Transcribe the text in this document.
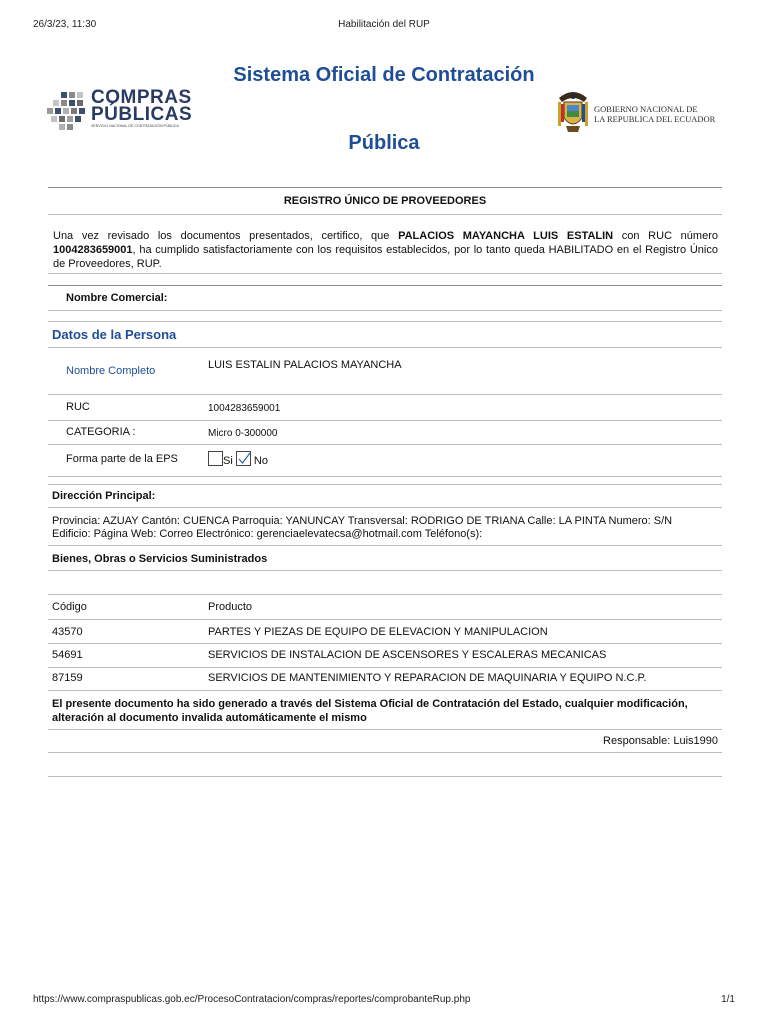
26/3/23, 11:30	Habilitación del RUP
COMPRAS
PÚBLICAS
SERVICIO NACIONAL DE CONTRATACIÓN PÚBLICA
Sistema Oficial de Contratación
Pública
GOBIERNO NACIONAL DE
LA REPUBLICA DEL ECUADOR
REGISTRO ÚNICO DE PROVEEDORES
Una vez revisado los documentos presentados, certifico, que PALACIOS MAYANCHA LUIS ESTALIN con RUC número 1004283659001, ha cumplido satisfactoriamente con los requisitos establecidos, por lo tanto queda HABILITADO en el Registro Único de Proveedores, RUP.
Nombre Comercial:
Datos de la Persona
Nombre Completo	LUIS ESTALIN PALACIOS MAYANCHA
RUC	1004283659001
CATEGORIA :	Micro 0-300000
Forma parte de la EPS	Si No
Dirección Principal:
Provincia: AZUAY Cantón: CUENCA Parroquia: YANUNCAY Transversal: RODRIGO DE TRIANA Calle: LA PINTA Numero: S/N
Edificio: Página Web: Correo Electrónico: gerenciaelevatecsa@hotmail.com Teléfono(s):
Bienes, Obras o Servicios Suministrados
Código	Producto
43570	PARTES Y PIEZAS DE EQUIPO DE ELEVACION Y MANIPULACION
54691	SERVICIOS DE INSTALACION DE ASCENSORES Y ESCALERAS MECANICAS
87159	SERVICIOS DE MANTENIMIENTO Y REPARACION DE MAQUINARIA Y EQUIPO N.C.P.
El presente documento ha sido generado a través del Sistema Oficial de Contratación del Estado, cualquier modificación,
alteración al documento invalida automáticamente el mismo
Responsable: Luis1990
https://www.compraspublicas.gob.ec/ProcesoContratacion/compras/reportes/comprobanteRup.php	1/1
